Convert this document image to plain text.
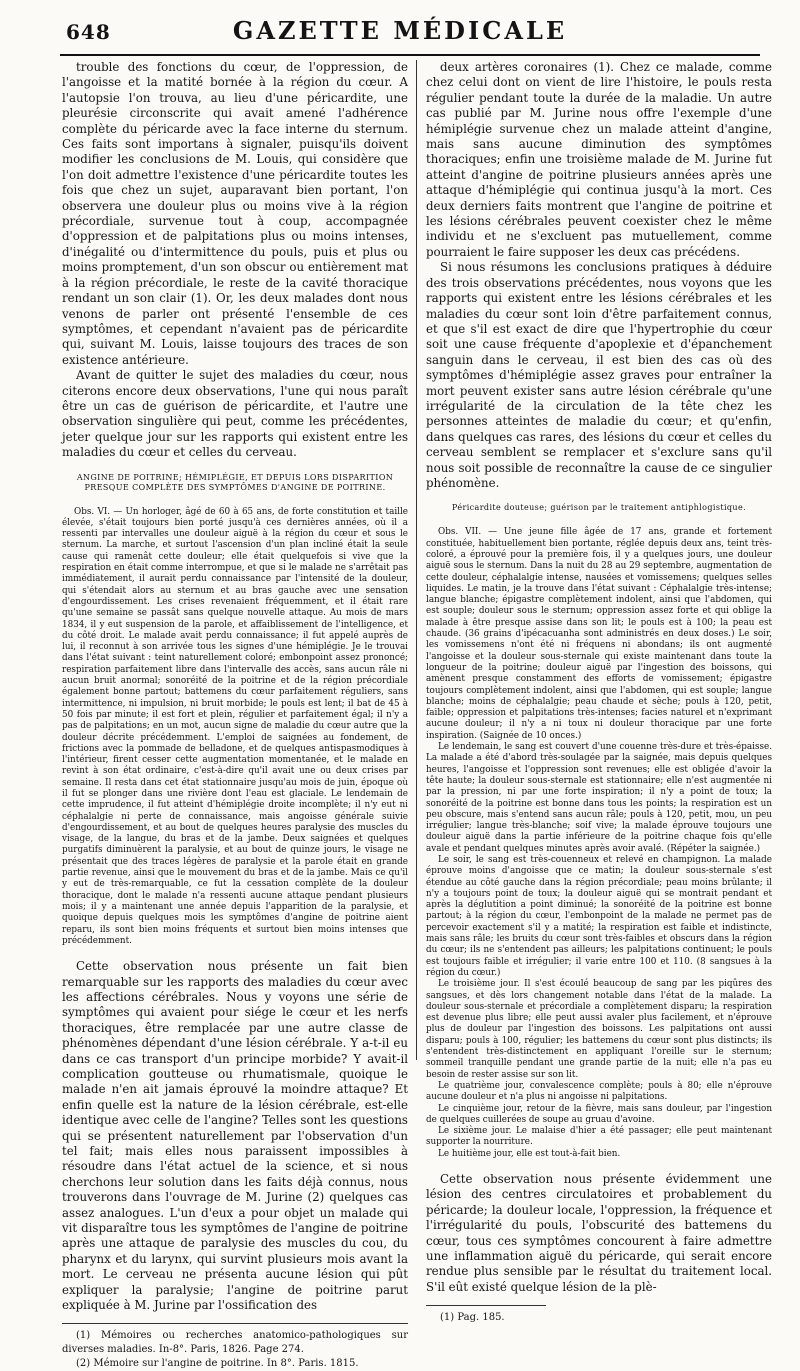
648	GAZETTE MÉDICALE

trouble des fonctions du cœur, de l'oppression, de l'angoisse et la matité bornée à la région du cœur. A l'autopsie l'on trouva, au lieu d'une péricardite, une pleurésie circonscrite qui avait amené l'adhérence complète du péricarde avec la face interne du sternum. Ces faits sont importans à signaler, puisqu'ils doivent modifier les conclusions de M. Louis, qui considère que l'on doit admettre l'existence d'une péricardite toutes les fois que chez un sujet, auparavant bien portant, l'on observera une douleur plus ou moins vive à la région précordiale, survenue tout à coup, accompagnée d'oppression et de palpitations plus ou moins intenses, d'inégalité ou d'intermittence du pouls, puis et plus ou moins promptement, d'un son obscur ou entièrement mat à la région précordiale, le reste de la cavité thoracique rendant un son clair (1). Or, les deux malades dont nous venons de parler ont présenté l'ensemble de ces symptômes, et cependant n'avaient pas de péricardite qui, suivant M. Louis, laisse toujours des traces de son existence antérieure.

Avant de quitter le sujet des maladies du cœur, nous citerons encore deux observations, l'une qui nous paraît être un cas de guérison de péricardite, et l'autre une observation singulière qui peut, comme les précédentes, jeter quelque jour sur les rapports qui existent entre les maladies du cœur et celles du cerveau.

ANGINE DE POITRINE; HÉMIPLÉGIE, ET DEPUIS LORS DISPARITION PRESQUE COMPLÈTE DES SYMPTÔMES D'ANGINE DE POITRINE.

Obs. VI. — Un horloger, âgé de 60 à 65 ans, de forte constitution et taille élevée, s'était toujours bien porté jusqu'à ces dernières années, où il a ressenti par intervalles une douleur aiguë à la région du cœur et sous le sternum. La marche, et surtout l'ascension d'un plan incliné était la seule cause qui ramenât cette douleur; elle était quelquefois si vive que la respiration en était comme interrompue, et que si le malade ne s'arrêtait pas immédiatement, il aurait perdu connaissance par l'intensité de la douleur, qui s'étendait alors au sternum et au bras gauche avec une sensation d'engourdissement. Les crises revenaient fréquemment, et il était rare qu'une semaine se passât sans quelque nouvelle attaque. Au mois de mars 1834, il y eut suspension de la parole, et affaiblissement de l'intelligence, et du côté droit. Le malade avait perdu connaissance; il fut appelé auprès de lui, il reconnut à son arrivée tous les signes d'une hémiplégie. Je le trouvai dans l'état suivant : teint naturellement coloré; embonpoint assez prononcé; respiration parfaitement libre dans l'intervalle des accès, sans aucun râle ni aucun bruit anormal; sonoréité de la poitrine et de la région précordiale également bonne partout; battemens du cœur parfaitement réguliers, sans intermittence, ni impulsion, ni bruit morbide; le pouls est lent; il bat de 45 à 50 fois par minute; il est fort et plein, régulier et parfaitement égal; il n'y a pas de palpitations; en un mot, aucun signe de maladie du cœur autre que la douleur décrite précédemment. L'emploi de saignées au fondement, de frictions avec la pommade de belladone, et de quelques antispasmodiques à l'intérieur, firent cesser cette augmentation momentanée, et le malade en revint à son état ordinaire, c'est-à-dire qu'il avait une ou deux crises par semaine. Il resta dans cet état stationnaire jusqu'au mois de juin, époque où il fut se plonger dans une rivière dont l'eau est glaciale. Le lendemain de cette imprudence, il fut atteint d'hémiplégie droite incomplète; il n'y eut ni céphalalgie ni perte de connaissance, mais angoisse générale suivie d'engourdissement, et au bout de quelques heures paralysie des muscles du visage, de la langue, du bras et de la jambe. Deux saignées et quelques purgatifs diminuèrent la paralysie, et au bout de quinze jours, le visage ne présentait que des traces légères de paralysie et la parole était en grande partie revenue, ainsi que le mouvement du bras et de la jambe. Mais ce qu'il y eut de très-remarquable, ce fut la cessation complète de la douleur thoracique, dont le malade n'a ressenti aucune attaque pendant plusieurs mois; il y a maintenant une année depuis l'apparition de la paralysie, et quoique depuis quelques mois les symptômes d'angine de poitrine aient reparu, ils sont bien moins fréquents et surtout bien moins intenses que précédemment.

Cette observation nous présente un fait bien remarquable sur les rapports des maladies du cœur avec les affections cérébrales. Nous y voyons une série de symptômes qui avaient pour siége le cœur et les nerfs thoraciques, être remplacée par une autre classe de phénomènes dépendant d'une lésion cérébrale. Y a-t-il eu dans ce cas transport d'un principe morbide? Y avait-il complication goutteuse ou rhumatismale, quoique le malade n'en ait jamais éprouvé la moindre attaque? Et enfin quelle est la nature de la lésion cérébrale, est-elle identique avec celle de l'angine? Telles sont les questions qui se présentent naturellement par l'observation d'un tel fait; mais elles nous paraissent impossibles à résoudre dans l'état actuel de la science, et si nous cherchons leur solution dans les faits déjà connus, nous trouverons dans l'ouvrage de M. Jurine (2) quelques cas assez analogues. L'un d'eux a pour objet un malade qui vit disparaître tous les symptômes de l'angine de poitrine après une attaque de paralysie des muscles du cou, du pharynx et du larynx, qui survint plusieurs mois avant la mort. Le cerveau ne présenta aucune lésion qui pût expliquer la paralysie; l'angine de poitrine parut expliquée à M. Jurine par l'ossification des

(1) Mémoires ou recherches anatomico-pathologiques sur diverses maladies. In-8°. Paris, 1826. Page 274.

(2) Mémoire sur l'angine de poitrine. In 8°. Paris. 1815.

deux artères coronaires (1). Chez ce malade, comme chez celui dont on vient de lire l'histoire, le pouls resta régulier pendant toute la durée de la maladie. Un autre cas publié par M. Jurine nous offre l'exemple d'une hémiplégie survenue chez un malade atteint d'angine, mais sans aucune diminution des symptômes thoraciques; enfin une troisième malade de M. Jurine fut atteint d'angine de poitrine plusieurs années après une attaque d'hémiplégie qui continua jusqu'à la mort. Ces deux derniers faits montrent que l'angine de poitrine et les lésions cérébrales peuvent coexister chez le même individu et ne s'excluent pas mutuellement, comme pourraient le faire supposer les deux cas précédens.

Si nous résumons les conclusions pratiques à déduire des trois observations précédentes, nous voyons que les rapports qui existent entre les lésions cérébrales et les maladies du cœur sont loin d'être parfaitement connus, et que s'il est exact de dire que l'hypertrophie du cœur soit une cause fréquente d'apoplexie et d'épanchement sanguin dans le cerveau, il est bien des cas où des symptômes d'hémiplégie assez graves pour entraîner la mort peuvent exister sans autre lésion cérébrale qu'une irrégularité de la circulation de la tête chez les personnes atteintes de maladie du cœur; et qu'enfin, dans quelques cas rares, des lésions du cœur et celles du cerveau semblent se remplacer et s'exclure sans qu'il nous soit possible de reconnaître la cause de ce singulier phénomène.

Péricardite douteuse; guérison par le traitement antiphlogistique.

Obs. VII. — Une jeune fille âgée de 17 ans, grande et fortement constituée, habituellement bien portante, réglée depuis deux ans, teint très-coloré, a éprouvé pour la première fois, il y a quelques jours, une douleur aiguë sous le sternum. Dans la nuit du 28 au 29 septembre, augmentation de cette douleur, céphalalgie intense, nausées et vomissemens; quelques selles liquides. Le matin, je la trouve dans l'état suivant : Céphalalgie très-intense; langue blanche; épigastre complètement indolent, ainsi que l'abdomen, qui est souple; douleur sous le sternum; oppression assez forte et qui oblige la malade à être presque assise dans son lit; le pouls est à 100; la peau est chaude. (36 grains d'ipécacuanha sont administrés en deux doses.) Le soir, les vomissemens n'ont été ni fréquens ni abondans; ils ont augmenté l'angoisse et la douleur sous-sternale qui existe maintenant dans toute la longueur de la poitrine; douleur aiguë par l'ingestion des boissons, qui amènent presque constamment des efforts de vomissement; épigastre toujours complètement indolent, ainsi que l'abdomen, qui est souple; langue blanche; moins de céphalalgie; peau chaude et sèche; pouls à 120, petit, faible; oppression et palpitations très-intenses; facies naturel et n'exprimant aucune douleur; il n'y a ni toux ni douleur thoracique par une forte inspiration. (Saignée de 10 onces.)

Le lendemain, le sang est couvert d'une couenne très-dure et très-épaisse. La malade a été d'abord très-soulagée par la saignée, mais depuis quelques heures, l'angoisse et l'oppression sont revenues; elle est obligée d'avoir la tête haute; la douleur sous-sternale est stationnaire; elle n'est augmentée ni par la pression, ni par une forte inspiration; il n'y a point de toux; la sonoréité de la poitrine est bonne dans tous les points; la respiration est un peu obscure, mais s'entend sans aucun râle; pouls à 120, petit, mou, un peu irrégulier; langue très-blanche; soif vive; la malade éprouve toujours une douleur aiguë dans la partie inférieure de la poitrine chaque fois qu'elle avale et pendant quelques minutes après avoir avalé. (Répéter la saignée.)

Le soir, le sang est très-couenneux et relevé en champignon. La malade éprouve moins d'angoisse que ce matin; la douleur sous-sternale s'est étendue au côté gauche dans la région précordiale; peau moins brûlante; il n'y a toujours point de toux; la douleur aiguë qui se montrait pendant et après la déglutition a point diminué; la sonoréité de la poitrine est bonne partout; à la région du cœur, l'embonpoint de la malade ne permet pas de percevoir exactement s'il y a matité; la respiration est faible et indistincte, mais sans râle; les bruits du cœur sont très-faibles et obscurs dans la région du cœur; ils ne s'entendent pas ailleurs; les palpitations continuent; le pouls est toujours faible et irrégulier; il varie entre 100 et 110. (8 sangsues à la région du cœur.)

Le troisième jour. Il s'est écoulé beaucoup de sang par les piqûres des sangsues, et dès lors changement notable dans l'état de la malade. La douleur sous-sternale et précordiale a complètement disparu; la respiration est devenue plus libre; elle peut aussi avaler plus facilement, et n'éprouve plus de douleur par l'ingestion des boissons. Les palpitations ont aussi disparu; pouls à 100, régulier; les battemens du cœur sont plus distincts; ils s'entendent très-distinctement en appliquant l'oreille sur le sternum; sommeil tranquille pendant une grande partie de la nuit; elle n'a pas eu besoin de rester assise sur son lit.

Le quatrième jour, convalescence complète; pouls à 80; elle n'éprouve aucune douleur et n'a plus ni angoisse ni palpitations.

Le cinquième jour, retour de la fièvre, mais sans douleur, par l'ingestion de quelques cuillerées de soupe au gruau d'avoine.

Le sixième jour. Le malaise d'hier a été passager; elle peut maintenant supporter la nourriture.

Le huitième jour, elle est tout-à-fait bien.

Cette observation nous présente évidemment une lésion des centres circulatoires et probablement du péricarde; la douleur locale, l'oppression, la fréquence et l'irrégularité du pouls, l'obscurité des battemens du cœur, tous ces symptômes concourent à faire admettre une inflammation aiguë du péricarde, qui serait encore rendue plus sensible par le résultat du traitement local. S'il eût existé quelque lésion de la plè-

(1) Pag. 185.
